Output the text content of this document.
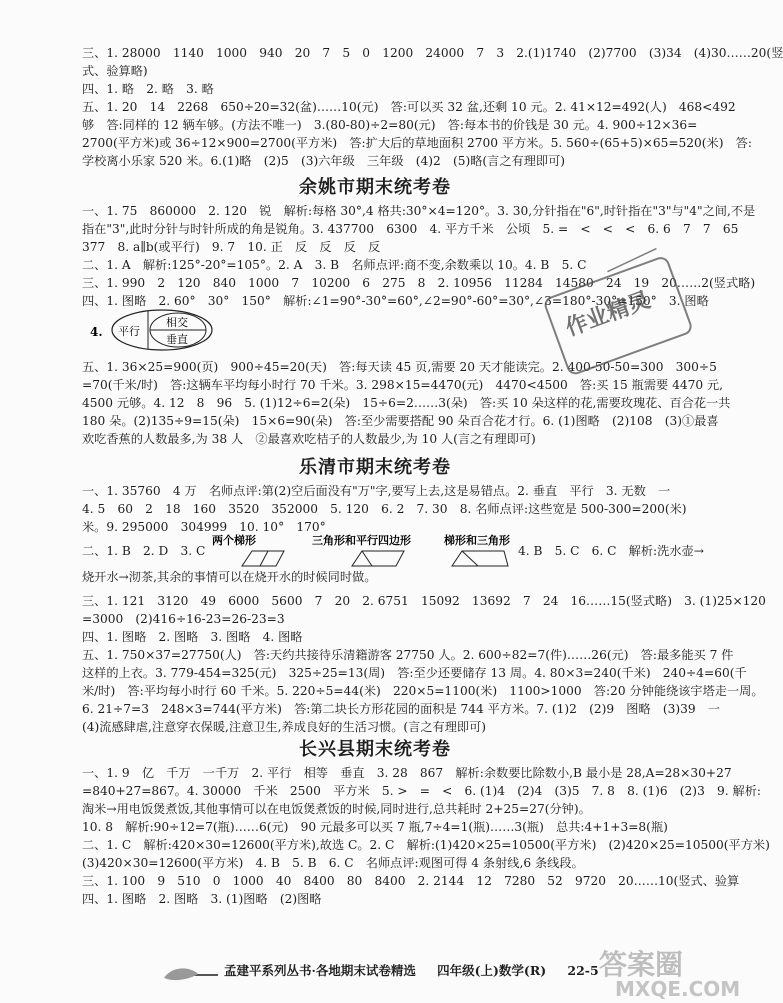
三、1. 28000　1140　1000　940　20　7　5　0　1200　24000　7　3　2.(1)1740　(2)7700　(3)34　(4)30……20(竖
式、验算略)
四、1. 略　2. 略　3. 略
五、1. 20　14　2268　650÷20=32(盆)……10(元)　答:可以买 32 盆,还剩 10 元。2. 41×12=492(人)　468<492
够　答:同样的 12 辆车够。(方法不唯一)　3.(80-80)÷2=80(元)　答:每本书的价钱是 30 元。4. 900÷12×36=
2700(平方米)或 36÷12×900=2700(平方米)　答:扩大后的草地面积 2700 平方米。5. 560÷(65+5)×65=520(米)　答:
学校离小乐家 520 米。6.(1)略　(2)5　(3)六年级　三年级　(4)2　(5)略(言之有理即可)
余姚市期末统考卷
一、1. 75　860000　2. 120　锐　解析:每格 30°,4 格共:30°×4=120°。3. 30,分针指在"6",时针指在"3"与"4"之间,不是
指在"3",此时分针与时针所成的角是锐角。3. 437700　6300　4. 平方千米　公顷　5. =　<　<　<　6. 6　7　7　65
377　8. a∥b(或平行)　9. 7　10. 正　反　反　反　反
二、1. A　解析:125°-20°=105°。2. A　3. B　名师点评:商不变,余数乘以 10。4. B　5. C
三、1. 990　2　120　840　1000　7　10200　6　275　8　2. 10956　11284　14580　24　19　20……2(竖式略)
四、1. 图略　2. 60°　30°　150°　解析:∠1=90°-30°=60°,∠2=90°-60°=30°,∠3=180°-30°=150°　3. 图略
4. 平行
相交
垂直
五、1. 36×25=900(页)　900÷45=20(天)　答:每天读 45 页,需要 20 天才能读完。2. 400-50-50=300　300÷5
=70(千米/时)　答:这辆车平均每小时行 70 千米。3. 298×15=4470(元)　4470<4500　答:买 15 瓶需要 4470 元,
4500 元够。4. 12　8　96　5. (1)12÷6=2(朵)　15÷6=2……3(朵)　答:买 10 朵这样的花,需要玫瑰花、百合花一共
180 朵。(2)135÷9=15(朵)　15×6=90(朵)　答:至少需要搭配 90 朵百合花才行。6. (1)图略　(2)108　(3)①最喜
欢吃香蕉的人数最多,为 38 人　②最喜欢吃桔子的人数最少,为 10 人(言之有理即可)
作业精灵
乐清市期末统考卷
一、1. 35760　4 万　名师点评:第(2)空后面没有"万"字,要写上去,这是易错点。2. 垂直　平行　3. 无数　一
4. 5　60　2　18　160　3520　352000　5. 120　6. 2　7. 30　8. 名师点评:这些宽是 500-300=200(米)
米。9. 295000　304999　10. 10°　170°
两个梯形	三角形和平行四边形	梯形和三角形
二、1. B　2. D　3. C	4. B　5. C　6. C　解析:洗水壶→
烧开水→沏茶,其余的事情可以在烧开水的时候同时做。
三、1. 121　3120　49　6000　5600　7　20　2. 6751　15092　13692　7　24　16……15(竖式略)　3. (1)25×120
=3000　(2)416÷16-23=26-23=3
四、1. 图略　2. 图略　3. 图略　4. 图略
五、1. 750×37=27750(人)　答:天约共接待乐清籍游客 27750 人。2. 600÷82=7(件)……26(元)　答:最多能买 7 件
这样的上衣。3. 779-454=325(元)　325÷25=13(周)　答:至少还要储存 13 周。4. 80×3=240(千米)　240÷4=60(千
米/时)　答:平均每小时行 60 千米。5. 220÷5=44(米)　220×5=1100(米)　1100>1000　答:20 分钟能绕该宇塔走一周。
6. 21÷7=3　248×3=744(平方米)　答:第二块长方形花园的面积是 744 平方米。7. (1)2　(2)9　图略　(3)39　一
(4)流感肆虐,注意穿衣保暖,注意卫生,养成良好的生活习惯。(言之有理即可)
长兴县期末统考卷
一、1. 9　亿　千万　一千万　2. 平行　相等　垂直　3. 28　867　解析:余数要比除数小,B 最小是 28,A=28×30+27
=840+27=867。4. 30000　千米　2500　平方米　5. >　=　<　6. (1)4　(2)4　(3)5　7. 8　8. (1)6　(2)3　9. 解析:
淘米→用电饭煲煮饭,其他事情可以在电饭煲煮饭的时候,同时进行,总共耗时 2+25=27(分钟)。
10. 8　解析:90÷12=7(瓶)……6(元)　90 元最多可以买 7 瓶,7÷4=1(瓶)……3(瓶)　总共:4+1+3=8(瓶)
二、1. C　解析:420×30=12600(平方米),故选 C。2. C　解析:(1)420×25=10500(平方米)　(2)420×25=10500(平方米)
(3)420×30=12600(平方米)　4. B　5. B　6. C　名师点评:观图可得 4 条射线,6 条线段。
三、1. 100　9　510　0　1000　40　8400　80　8400　2. 2144　12　7280　52　9720　20……10(竖式、验算
四、1. 图略　2. 图略　3. (1)图略　(2)图略
孟建平系列丛书·各地期末试卷精选 　 四年级(上)数学(R) 　 22-5 答案圈
MXQE.COM
